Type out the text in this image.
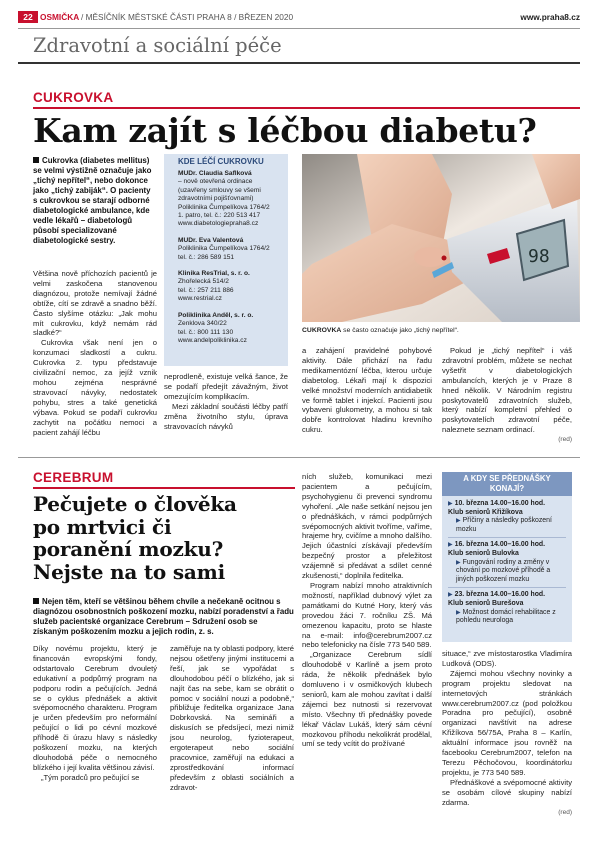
22 OSMIČKA / MĚSÍČNÍK MĚSTSKÉ ČÁSTI PRAHA 8 / BŘEZEN 2020	www.praha8.cz
Zdravotní a sociální péče
CUKROVKA
Kam zajít s léčbou diabetu?
Cukrovka (diabetes mellitus) se velmi výstižně označuje jako „tichý nepřítel“, nebo dokonce jako „tichý zabiják“. O pacienty s cukrovkou se starají odborné diabetologické ambulance, kde vedle lékařů – diabetologů působí specializované diabetologické sestry.

Většina nově příchozích pacientů je velmi zaskočena stanovenou diagnózou, protože nemívají žádné obtíže, cítí se zdravě a snadno běží. Často slyšíme otázku: „Jak mohu mít cukrovku, když nemám rád sladké?“

Cukrovka však není jen o konzumaci sladkostí a cukru. Cukrovka 2. typu představuje civilizační nemoc, za jejíž vznik mohou zejména nesprávné stravovací návyky, nedostatek pohybu, stres a také genetická výbava. Pokud se podaří cukrovku zachytit na počátku nemoci a pacient zahájí léčbu

KDE LÉČÍ CUKROVKU
MUDr. Claudia Saflková
– nově otevřená ordinace
(uzavřeny smlouvy se všemi
zdravotními pojišťovnami)
Poliklinika Čumpelíkova 1764/2
1. patro, tel. č.: 220 513 417
www.diabetologiepraha8.cz
MUDr. Eva Valentová
Poliklinika Čumpelíkova 1764/2
tel. č.: 286 589 151
Klinika ResTrial, s. r. o.
Zhořelecká 514/2
tel. č.: 257 211 886
www.restrial.cz
Poliklinika Anděl, s. r. o.
Zenklova 340/22
tel. č.: 800 111 130
www.andelpoliklinika.cz

neprodleně, existuje velká šance, že se podaří předejít závažným, život omezujícím komplikacím.

Mezi základní součásti léčby patří změna životního stylu, úprava stravovacích návyků

98
CUKROVKA se často označuje jako „tichý nepřítel“.

a zahájení pravidelné pohybové aktivity. Dále přichází na řadu medikamentózní léčba, kterou určuje diabetolog. Lékaři mají k dispozici velké množství moderních antidiabetik ve formě tablet i injekcí. Pacienti jsou vybaveni glukometry, a mohou si tak dobře kontrolovat hladinu krevního cukru.

Pokud je „tichý nepřítel“ i váš zdravotní problém, můžete se nechat vyšetřit v diabetologických ambulancích, kterých je v Praze 8 hned několik. V Národním registru poskytovatelů zdravotních služeb, který nabízí kompletní přehled o poskytovatelích zdravotní péče, naleznete seznam ordinací.

(red)
CEREBRUM
Pečujete o člověka
po mrtvici či
poranění mozku?
Nejste na to sami
Nejen těm, kteří se většinou během chvíle a nečekaně ocitnou s diagnózou osobnostních poškození mozku, nabízí poradenství a řadu služeb pacientské organizace Cerebrum – Sdružení osob se získaným poškozením mozku a jejich rodin, z. s.

Díky novému projektu, který je financován evropskými fondy, odstartovalo Cerebrum dvouletý edukativní a podpůrný program na podporu rodin a pečujících. Jedná se o cyklus přednášek a aktivit svépomocného charakteru. Program je určen především pro neformální pečující o lidi po cévní mozkové příhodě či úrazu hlavy s následky poškození mozku, na kterých dlouhodobá péče o nemocného blízkého i její kvalita většinou závisí.

„Tým poradců pro pečující se

zaměřuje na ty oblasti podpory, které nejsou ošetřeny jinými institucemi a řeší, jak se vypořádat s dlouhodobou péčí o blízkého, jak si najít čas na sebe, kam se obrátit o pomoc v sociální nouzi a podobně,“ přibližuje ředitelka organizace Jana Dobrkovská. Na semináři a diskusích se předsíjecí, mezi nimiž jsou neurolog, fyzioterapeut, ergoterapeut nebo sociální pracovnice, zaměřují na edukaci a zprostředkování informací především z oblasti sociálních a zdravot-

ních služeb, komunikaci mezi pacientem a pečujícím, psychohygienu či prevenci syndromu vyhoření. „Ale naše setkání nejsou jen o přednáškách, v rámci podpůrných svépomocných aktivit tvoříme, vaříme, hrajeme hry, cvičíme a mnoho dalšího. Jejich účastníci získávají především bezpečný prostor a přeležitost vzájemně si předávat a sdílet cenné zkušenosti,“ doplnila ředitelka.

Program nabízí mnoho atraktivních možností, například dubnový výlet za památkami do Kutné Hory, který vás provedou žáci 7. ročníku ZŠ. Má omezenou kapacitu, proto se hlaste na e-mail: info@cerebrum2007.cz nebo telefonicky na čísle 773 540 589.

„Organizace Cerebrum sídlí dlouhodobě v Karlíně a jsem proto ráda, že několik přednášek bylo domluveno i v osmičkových klubech seniorů, kam ale mohou zavítat i další zájemci bez nutnosti si rezervovat místo. Všechny tři přednášky povede lékař Václav Lukáš, který sám cévní mozkovou příhodu nekolikrát prodělal, umí se tedy vcítit do prožívané

A KDY SE PŘEDNÁŠKY KONAJÍ?
▶ 10. března 14.00–16.00 hod.
Klub seniorů Křižíkova
▶ Příčiny a následky poškození mozku
▶ 16. března 14.00–16.00 hod.
Klub seniorů Bulovka
▶ Fungování rodiny a změny v chování po mozkové příhodě a jiných poškození mozku
▶ 23. března 14.00–16.00 hod.
Klub seniorů Burešova
▶ Možnost domácí rehabilitace z pohledu neurologa

situace,“ zve místostarostka Vladimíra Ludková (ODS).

Zájemci mohou všechny novinky a program projektu sledovat na internetových stránkách www.cerebrum2007.cz (pod položkou Poradna pro pečující), osobně organizaci navštívit na adrese Křižíkova 56/75A, Praha 8 – Karlín, aktuální informace jsou rovněž na facebooku Cerebrum2007, telefon na Terezu Pěchočovou, koordinátorku projektu, je 773 540 589.

Přednáškové a svépomocné aktivity se osobám cílové skupiny nabízí zdarma.

(red)
